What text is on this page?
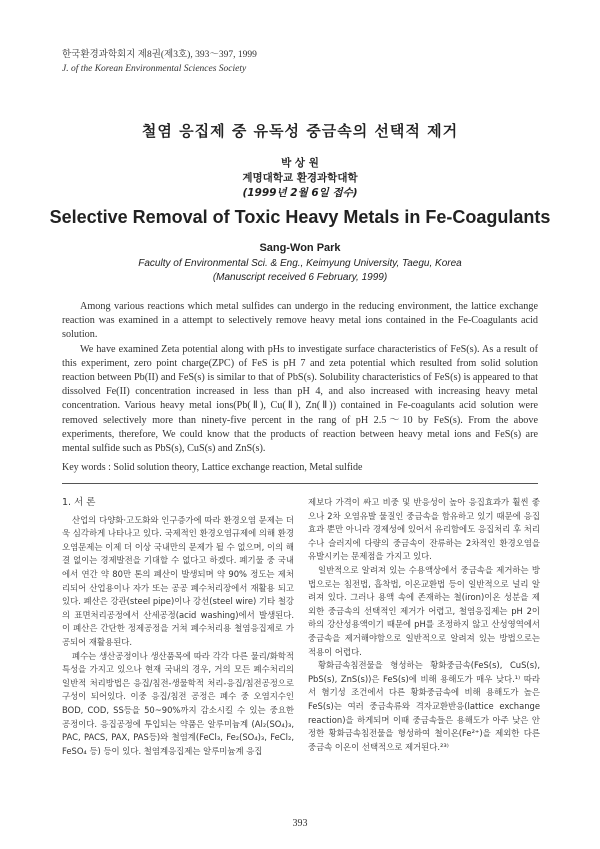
한국환경과학회지 제8권(제3호), 393～397, 1999
J. of the Korean Environmental Sciences Society
철염 응집제 중 유독성 중금속의 선택적 제거
박 상 원
계명대학교 환경과학대학
(1999년 2월 6일 접수)
Selective Removal of Toxic Heavy Metals in Fe-Coagulants
Sang-Won Park
Faculty of Environmental Sci. & Eng., Keimyung University, Taegu, Korea
(Manuscript received 6 February, 1999)

Among various reactions which metal sulfides can undergo in the reducing environment, the lattice exchange reaction was examined in a attempt to selectively remove heavy metal ions contained in the Fe-Coagulants acid solution.

We have examined Zeta potential along with pHs to investigate surface characteristics of FeS(s). As a result of this experiment, zero point charge(ZPC) of FeS is pH 7 and zeta potential which resulted from solid solution reaction between Pb(II) and FeS(s) is similar to that of PbS(s). Solubility characteristics of FeS(s) is appeared to that dissolved Fe(II) concentration increased in less than pH 4, and also increased with increasing heavy metal concentration. Various heavy metal ions(Pb(Ⅱ), Cu(Ⅱ), Zn(Ⅱ)) contained in Fe-coagulants acid solution were removed selectively more than ninety-five percent in the rang of pH 2.5～10 by FeS(s). From the above experiments, therefore, We could know that the products of reaction between heavy metal ions and FeS(s) are mental sulfide such as PbS(s), CuS(s) and ZnS(s).

Key words : Solid solution theory, Lattice exchange reaction, Metal sulfide

1. 서 론

산업의 다양화·고도화와 인구증가에 따라 환경오염 문제는 더욱 심각하게 나타나고 있다. 국제적인 환경오염규제에 의해 환경오염문제는 이제 더 이상 국내만의 문제가 될 수 없으며, 이의 해결 없이는 경제발전을 기대할 수 없다고 하겠다. 폐기물 중 국내에서 연간 약 80만 톤의 폐산이 발생되며 약 90% 정도는 제처리되어 산업용이나 자가 또는 공공 폐수처리장에서 재활용 되고있다. 폐산은 강관(steel pipe)이나 강선(steel wire) 기타 철강의 표면처리공정에서 산세공정(acid washing)에서 발생된다. 이 폐산은 간단한 정제공정을 거쳐 폐수처리용 철염응집제로 가공되어 재활용된다.

폐수는 생산공정이나 생산품목에 따라 각각 다른 물리/화학적 특성을 가지고 있으나 현재 국내의 경우, 거의 모든 폐수처리의 일반적 처리방법은 응집/침전-생물학적 처리-응집/침전공정으로 구성이 되어있다. 이중 응집/침전 공정은 폐수 중 오염지수인 BOD, COD, SS등을 50~90%까지 감소시킬 수 있는 중요한 공정이다. 응집공정에 투입되는 약품은 알루미늄계 (Al₂(SO₄)₃, PAC, PACS, PAX, PAS등)와 철염계(FeCl₃, Fe₂(SO₄)₃, FeCl₂, FeSO₄ 등) 등이 있다. 철염계응집제는 알루미늄계 응집

제보다 가격이 싸고 비중 및 반응성이 높아 응집효과가 훨씬 좋으나 2차 오염유발 물질인 중금속을 함유하고 있기 때문에 응집효과 뿐만 아니라 경제성에 있어서 유리함에도 응집처리 후 처리수나 슬러지에 다량의 중금속이 잔류하는 2차적인 환경오염을 유발시키는 문제점을 가지고 있다.

일반적으로 알려져 있는 수용액상에서 중금속을 제거하는 방법으로는 침전법, 흡착법, 이온교환법 등이 일반적으로 널리 알려져 있다. 그러나 용액 속에 존재하는 철(iron)이온 성분을 제외한 중금속의 선택적인 제거가 어렵고, 철염응집제는 pH 2이하의 강산성용액이기 때문에 pH를 조정하지 않고 산성영역에서 중금속을 제거해야함으로 일반적으로 알려져 있는 방법으로는 적용이 어렵다.

황화금속침전물을 형성하는 황화중금속(FeS(s), CuS(s), PbS(s), ZnS(s))은 FeS(s)에 비해 용해도가 매우 낮다.¹⁾ 따라서 혐기성 조건에서 다른 황화중금속에 비해 용해도가 높은 FeS(s)는 여러 중금속류와 격자교환반응(lattice exchange reaction)을 하게되며 이때 중금속들은 용해도가 아주 낮은 안정한 황화금속침전물을 형성하여 철이온(Fe²⁺)을 제외한 다른 중금속 이온이 선택적으로 제거된다.²³⁾

393
